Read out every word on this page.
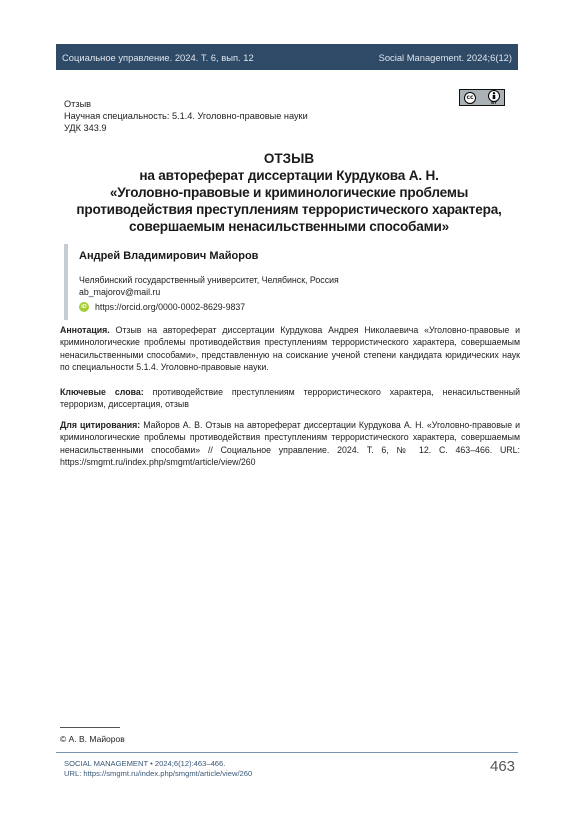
Социальное управление. 2024. Т. 6, вып. 12	Social Management. 2024;6(12)
Отзыв
Научная специальность: 5.1.4. Уголовно-правовые науки
УДК 343.9
cc
BY
ОТЗЫВ
на автореферат диссертации Курдукова А. Н.
«Уголовно-правовые и криминологические проблемы
противодействия преступлениям террористического характера,
совершаемым ненасильственными способами»
Андрей Владимирович Майоров
Челябинский государственный университет, Челябинск, Россия
ab_majorov@mail.ru
iD https://orcid.org/0000-0002-8629-9837
Аннотация. Отзыв на автореферат диссертации Курдукова Андрея Николаевича «Уголовно-правовые и криминологические проблемы противодействия преступлениям террористического характера, совершаемым ненасильственными способами», представленную на соискание ученой степени кандидата юридических наук по специальности 5.1.4. Уголовно-правовые науки.
Ключевые слова: противодействие преступлениям террористического характера, ненасильственный терроризм, диссертация, отзыв
Для цитирования: Майоров А. В. Отзыв на автореферат диссертации Курдукова А. Н. «Уголовно-правовые и криминологические проблемы противодействия преступлениям террористического характера, совершаемым ненасильственными способами» // Социальное управление. 2024. Т. 6, № 12. С. 463–466. URL: https://smgmt.ru/index.php/smgmt/article/view/260
© А. В. Майоров
SOCIAL MANAGEMENT • 2024;6(12):463–466.
URL: https://smgmt.ru/index.php/smgmt/article/view/260	463
